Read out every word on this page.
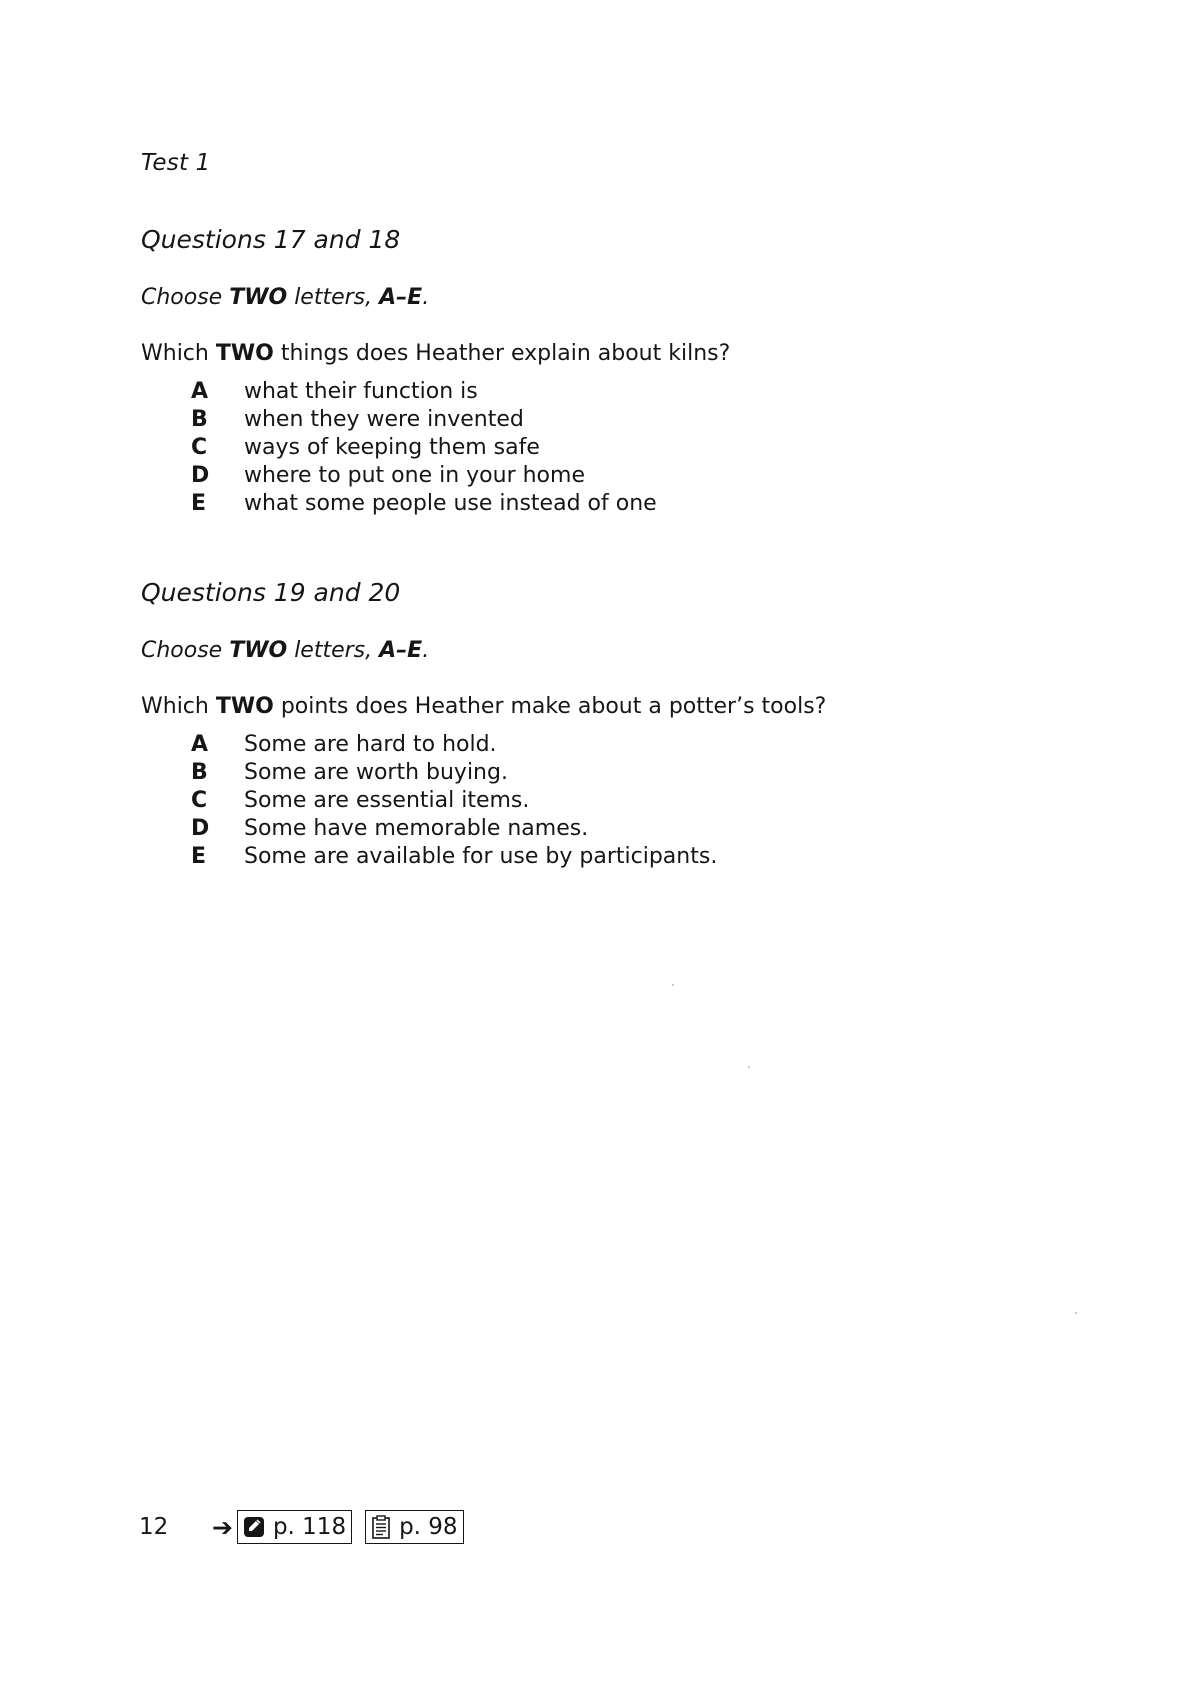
Test 1
Questions 17 and 18
Choose TWO letters, A–E.
Which TWO things does Heather explain about kilns?
A	what their function is
B	when they were invented
C	ways of keeping them safe
D	where to put one in your home
E	what some people use instead of one
Questions 19 and 20
Choose TWO letters, A–E.
Which TWO points does Heather make about a potter’s tools?
A	Some are hard to hold.
B	Some are worth buying.
C	Some are essential items.
D	Some have memorable names.
E	Some are available for use by participants.
12	➔ p. 118 p. 98
